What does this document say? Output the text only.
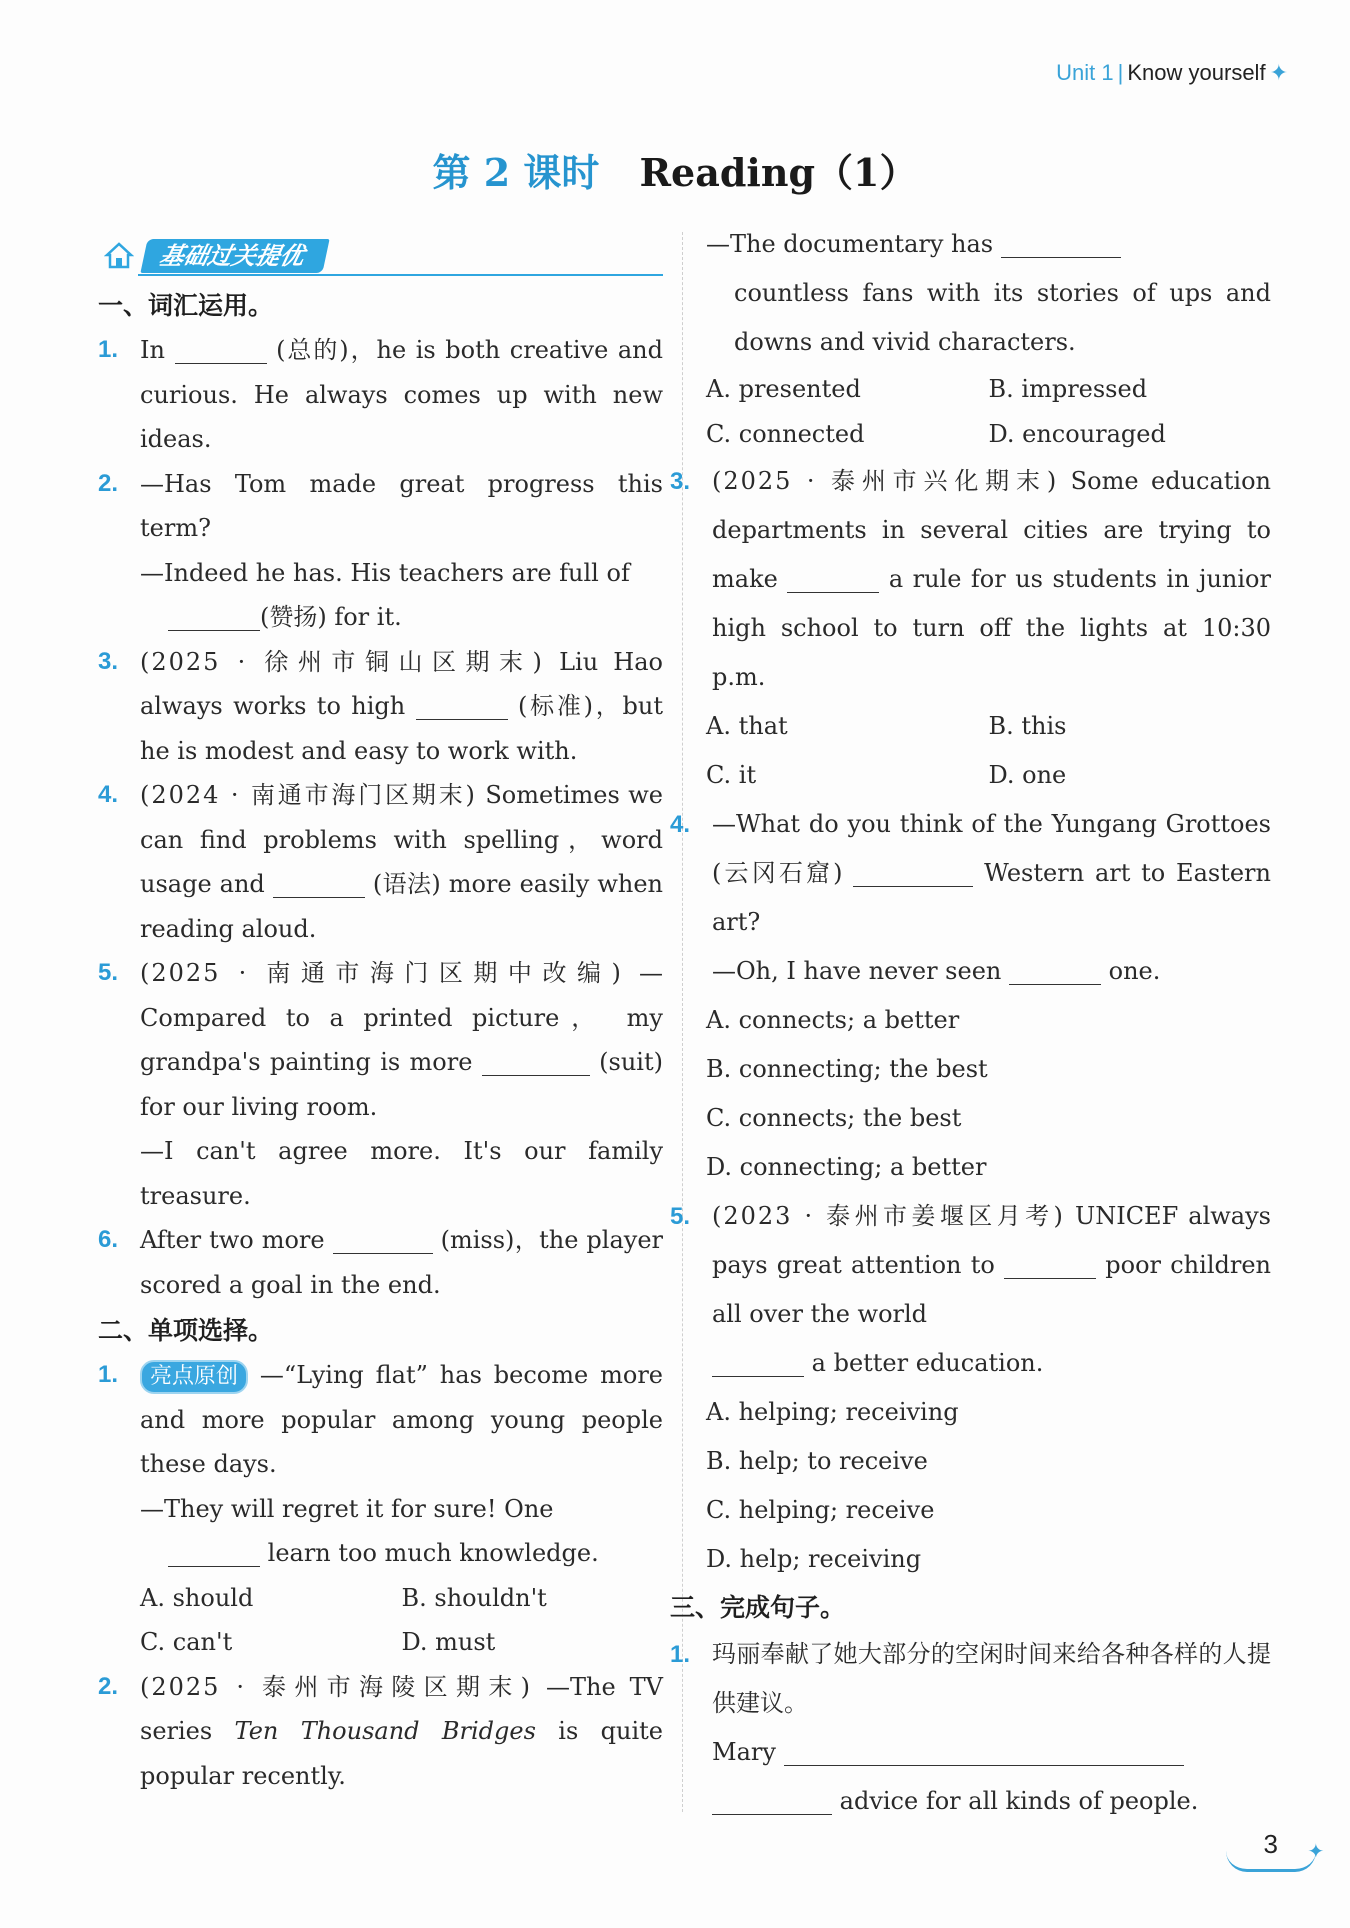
Unit 1 | Know yourself ✦
第 2 课时 Reading（1）
基础过关提优
一、词汇运用。
1. In	(总的)，he is both creative and curious. He always comes up with new ideas.
2. —Has Tom made great progress this term?
—Indeed he has. His teachers are full of
(赞扬) for it.
3. (2025 · 徐州市铜山区期末) Liu Hao always works to high	(标准)，but he is modest and easy to work with.
4. (2024 · 南通市海门区期末) Sometimes we can find problems with spelling，word usage and	(语法) more easily when reading aloud.
5. (2025 · 南通市海门区期中改编) — Compared to a printed picture， my grandpa's painting is more	(suit) for our living room.
—I can't agree more. It's our family treasure.
6. After two more	(miss)，the player scored a goal in the end.
二、单项选择。
1. 亮点原创 —“Lying flat” has become more and more popular among young people these days.
—They will regret it for sure! One
learn too much knowledge.
A. should	B. shouldn't
C. can't	D. must
2. (2025 · 泰州市海陵区期末) —The TV series Ten Thousand Bridges is quite popular recently.
—The documentary has
countless fans with its stories of ups and downs and vivid characters.
A. presented	B. impressed
C. connected	D. encouraged
3. (2025 · 泰州市兴化期末) Some education departments in several cities are trying to make	a rule for us students in junior high school to turn off the lights at 10:30 p.m.
A. that	B. this
C. it	D. one
4. —What do you think of the Yungang Grottoes (云冈石窟)	Western art to Eastern art?
—Oh, I have never seen	one.
A. connects; a better
B. connecting; the best
C. connects; the best
D. connecting; a better
5. (2023 · 泰州市姜堰区月考) UNICEF always pays great attention to	poor children all over the world
a better education.
A. helping; receiving
B. help; to receive
C. helping; receive
D. help; receiving
三、完成句子。
1. 玛丽奉献了她大部分的空闲时间来给各种各样的人提供建议。
Mary
advice for all kinds of people.
3 ✦
